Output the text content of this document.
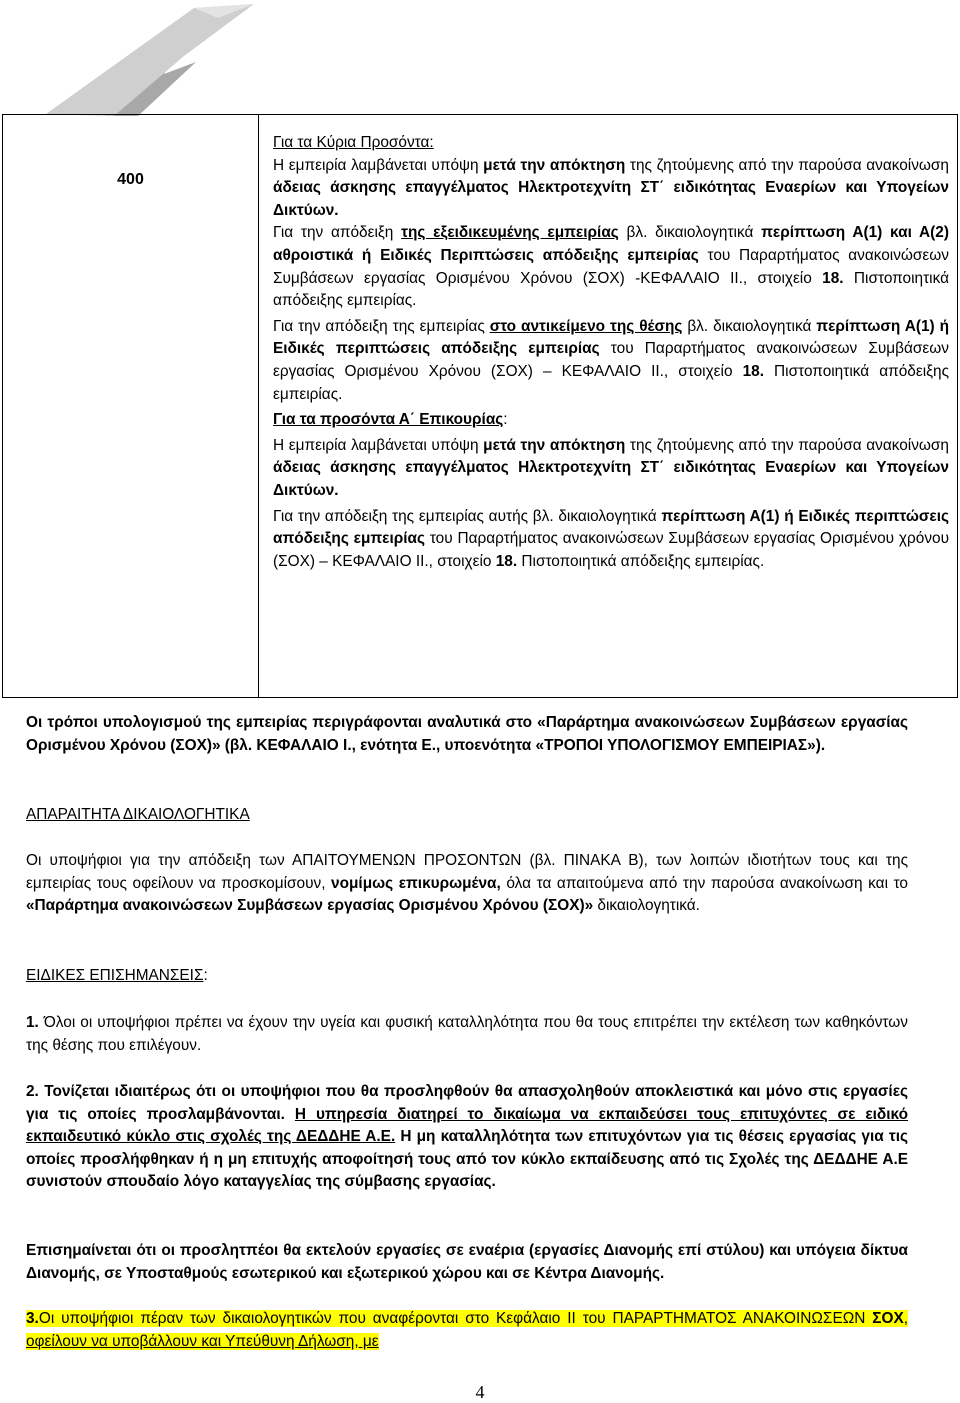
400	

Για τα Κύρια Προσόντα:

Η εμπειρία λαμβάνεται υπόψη μετά την απόκτηση της ζητούμενης από την παρούσα ανακοίνωση άδειας άσκησης επαγγέλματος Ηλεκτροτεχνίτη ΣΤ΄ ειδικότητας Εναερίων και Υπογείων Δικτύων.

Για την απόδειξη της εξειδικευμένης εμπειρίας βλ. δικαιολογητικά περίπτωση Α(1) και Α(2) αθροιστικά ή Ειδικές Περιπτώσεις απόδειξης εμπειρίας του Παραρτήματος ανακοινώσεων Συμβάσεων εργασίας Ορισμένου Χρόνου (ΣΟΧ) -ΚΕΦΑΛΑΙΟ ΙΙ., στοιχείο 18. Πιστοποιητικά απόδειξης εμπειρίας.

Για την απόδειξη της εμπειρίας στο αντικείμενο της θέσης βλ. δικαιολογητικά περίπτωση Α(1) ή Ειδικές περιπτώσεις απόδειξης εμπειρίας του Παραρτήματος ανακοινώσεων Συμβάσεων εργασίας Ορισμένου Χρόνου (ΣΟΧ) – ΚΕΦΑΛΑΙΟ ΙΙ., στοιχείο 18. Πιστοποιητικά απόδειξης εμπειρίας.

Για τα προσόντα Α΄ Επικουρίας:

Η εμπειρία λαμβάνεται υπόψη μετά την απόκτηση της ζητούμενης από την παρούσα ανακοίνωση άδειας άσκησης επαγγέλματος Ηλεκτροτεχνίτη ΣΤ΄ ειδικότητας Εναερίων και Υπογείων Δικτύων.

Για την απόδειξη της εμπειρίας αυτής βλ. δικαιολογητικά περίπτωση Α(1) ή Ειδικές περιπτώσεις απόδειξης εμπειρίας του Παραρτήματος ανακοινώσεων Συμβάσεων εργασίας Ορισμένου χρόνου (ΣΟΧ) – ΚΕΦΑΛΑΙΟ ΙΙ., στοιχείο 18. Πιστοποιητικά απόδειξης εμπειρίας.

Οι τρόποι υπολογισμού της εμπειρίας περιγράφονται αναλυτικά στο «Παράρτημα ανακοινώσεων Συμβάσεων εργασίας Ορισμένου Χρόνου (ΣΟΧ)» (βλ. ΚΕΦΑΛΑΙΟ Ι., ενότητα Ε., υποενότητα «ΤΡΟΠΟΙ ΥΠΟΛΟΓΙΣΜΟΥ ΕΜΠΕΙΡΙΑΣ»).

ΑΠΑΡΑΙΤΗΤΑ ΔΙΚΑΙΟΛΟΓΗΤΙΚΑ

Οι υποψήφιοι για την απόδειξη των ΑΠΑΙΤΟΥΜΕΝΩΝ ΠΡΟΣΟΝΤΩΝ (βλ. ΠΙΝΑΚΑ Β), των λοιπών ιδιοτήτων τους και της εμπειρίας τους οφείλουν να προσκομίσουν, νομίμως επικυρωμένα, όλα τα απαιτούμενα από την παρούσα ανακοίνωση και το «Παράρτημα ανακοινώσεων Συμβάσεων εργασίας Ορισμένου Χρόνου (ΣΟΧ)» δικαιολογητικά.

ΕΙΔΙΚΕΣ ΕΠΙΣΗΜΑΝΣΕΙΣ:

1. Όλοι οι υποψήφιοι πρέπει να έχουν την υγεία και φυσική καταλληλότητα που θα τους επιτρέπει την εκτέλεση των καθηκόντων της θέσης που επιλέγουν.

2. Τονίζεται ιδιαιτέρως ότι οι υποψήφιοι που θα προσληφθούν θα απασχοληθούν αποκλειστικά και μόνο στις εργασίες για τις οποίες προσλαμβάνονται. Η υπηρεσία διατηρεί το δικαίωμα να εκπαιδεύσει τους επιτυχόντες σε ειδικό εκπαιδευτικό κύκλο στις σχολές της ΔΕΔΔΗΕ Α.Ε. Η μη καταλληλότητα των επιτυχόντων για τις θέσεις εργασίας για τις οποίες προσλήφθηκαν ή η μη επιτυχής αποφοίτησή τους από τον κύκλο εκπαίδευσης από τις Σχολές της ΔΕΔΔΗΕ Α.Ε συνιστούν σπουδαίο λόγο καταγγελίας της σύμβασης εργασίας.

Επισημαίνεται ότι οι προσλητπέοι θα εκτελούν εργασίες σε εναέρια (εργασίες Διανομής επί στύλου) και υπόγεια δίκτυα Διανομής, σε Υποσταθμούς εσωτερικού και εξωτερικού χώρου και σε Κέντρα Διανομής.

3.Οι υποψήφιοι πέραν των δικαιολογητικών που αναφέρονται στο Κεφάλαιο ΙΙ του ΠΑΡΑΡΤΗΜΑΤΟΣ ΑΝΑΚΟΙΝΩΣΕΩΝ ΣΟΧ, οφείλουν να υποβάλλουν και Υπεύθυνη Δήλωση, με

4
